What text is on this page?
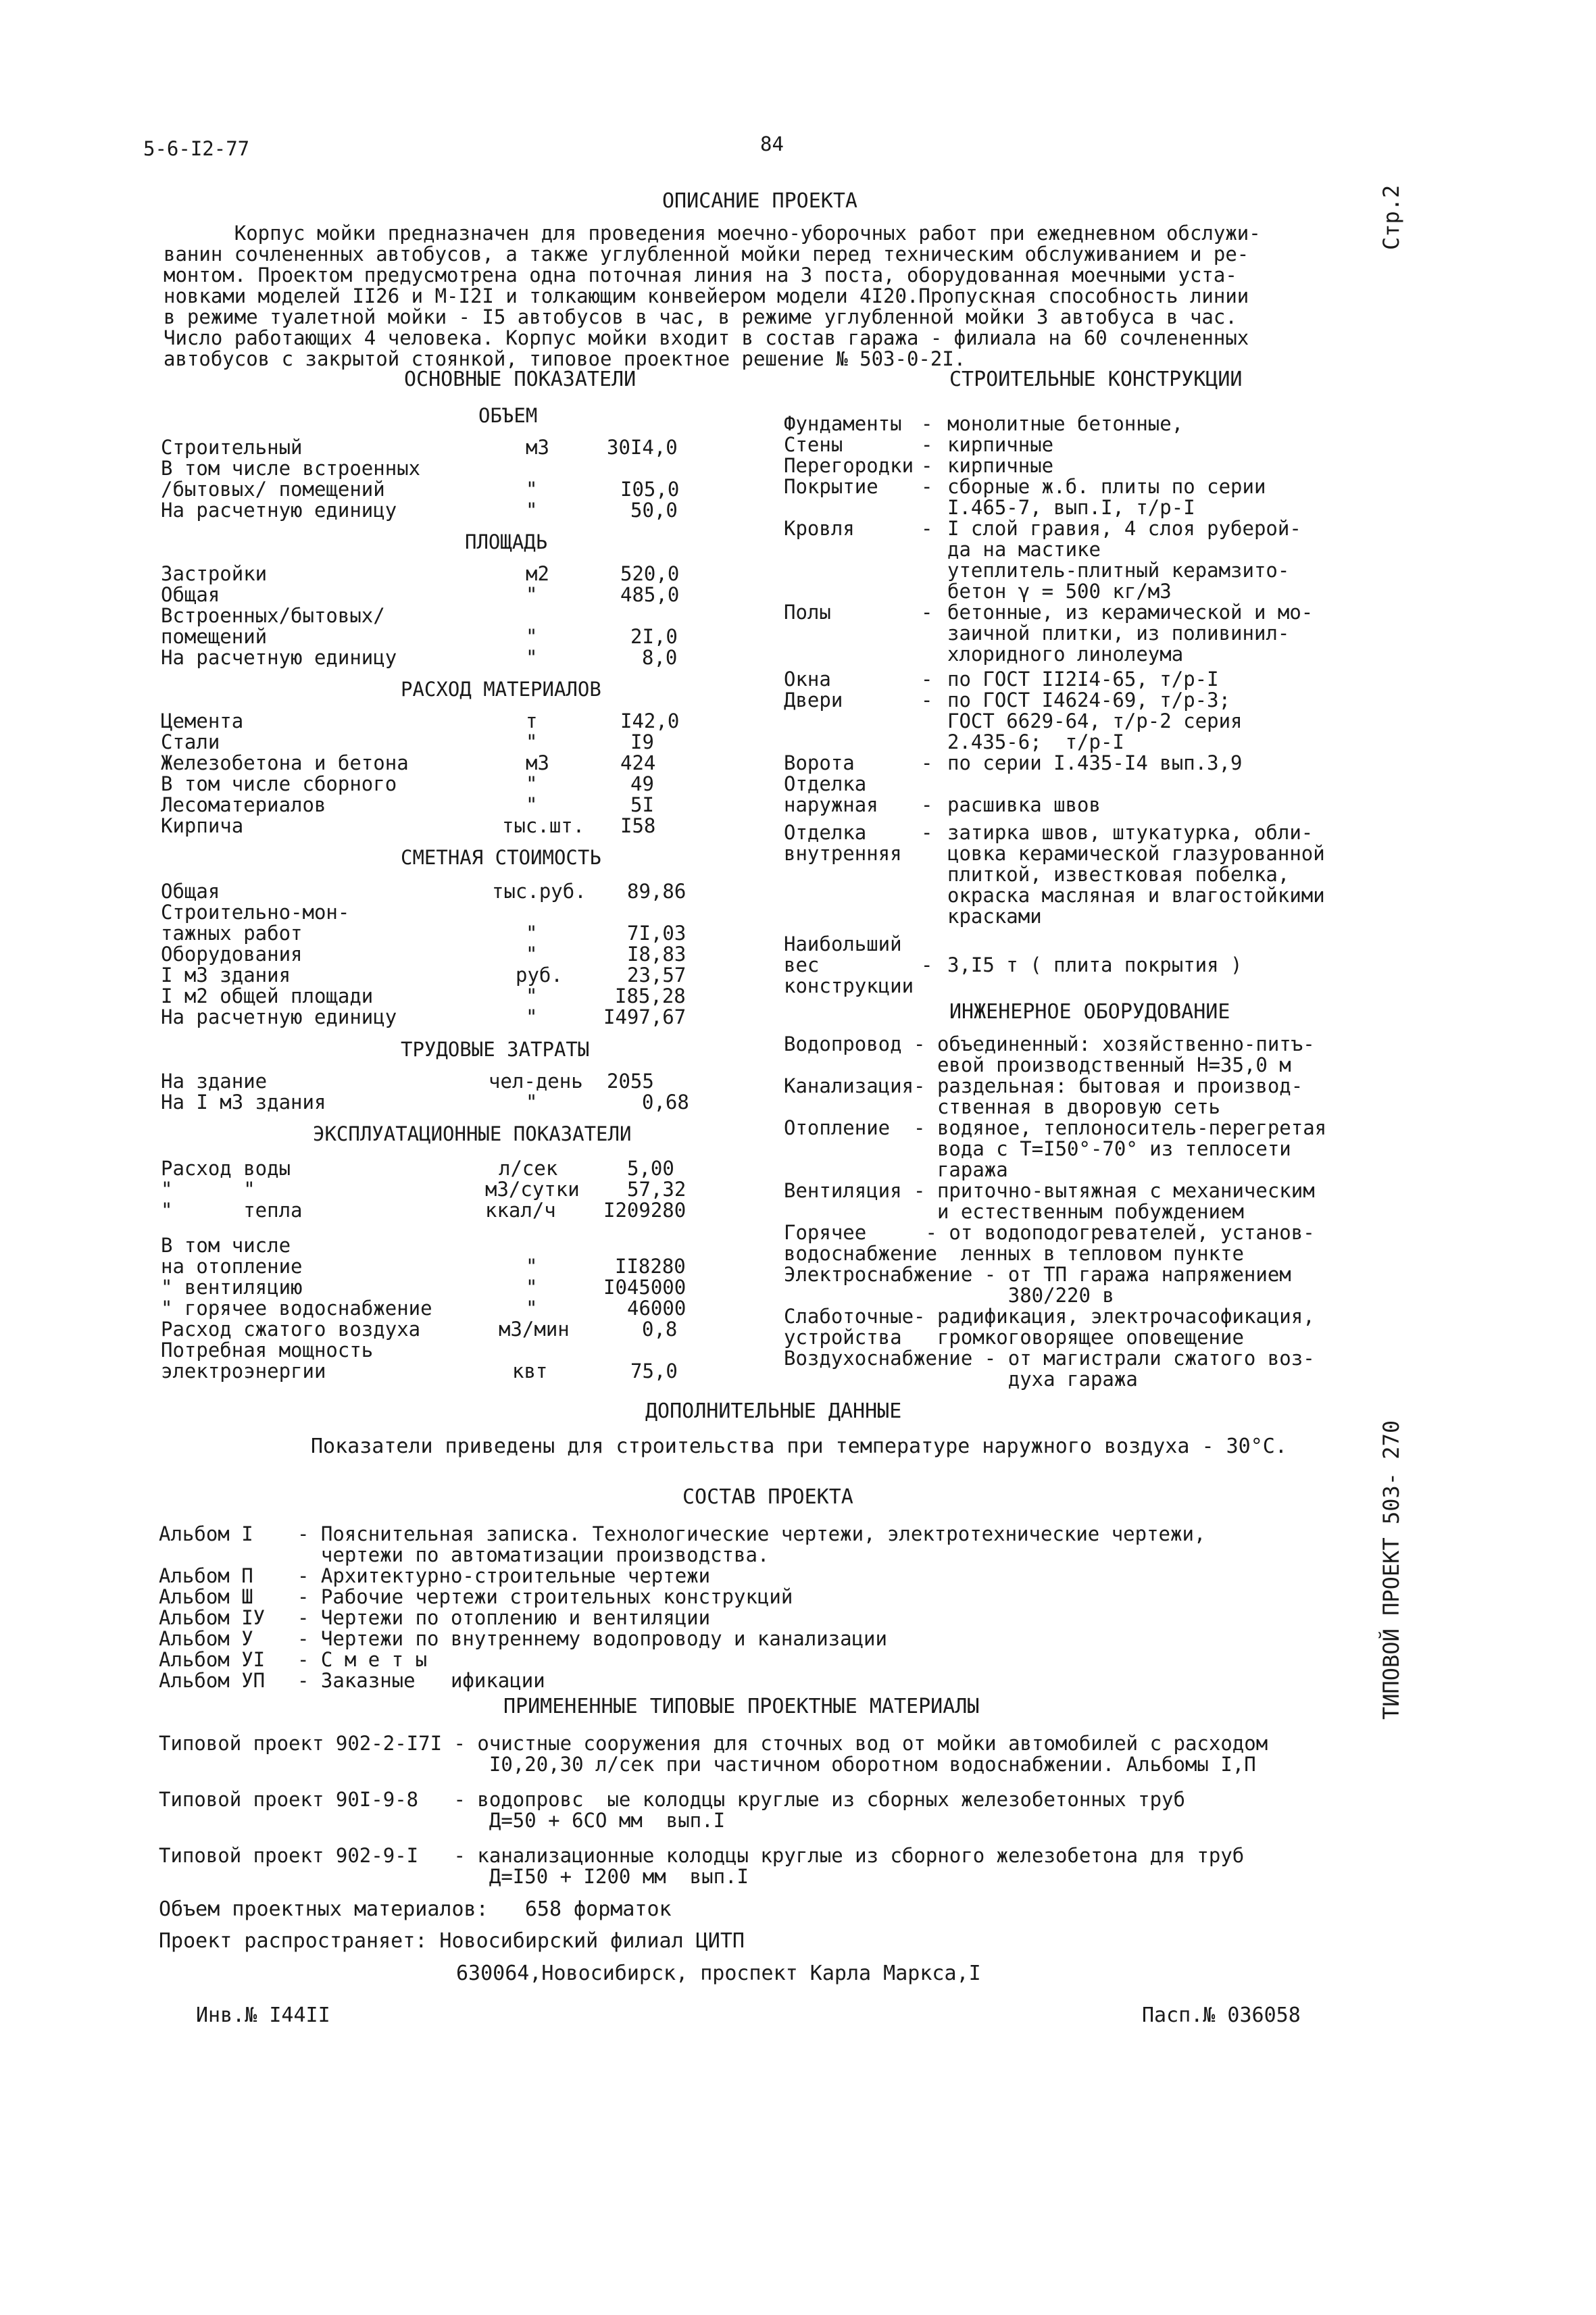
5-6-I2-77	84
Стр.2
ТИПОВОЙ ПРОЕКТ 503- 270
ОПИСАНИЕ ПРОЕКТА
Корпус мойки предназначен для проведения моечно-уборочных работ при ежедневном обслужи-
ванин сочлененных автобусов, а также углубленной мойки перед техническим обслуживанием и ре-
монтом. Проектом предусмотрена одна поточная линия на 3 поста, оборудованная моечными уста-
новками моделей II26 и М-I2I и толкающим конвейером модели 4I20.Пропускная способность линии
в режиме туалетной мойки - I5 автобусов в час, в режиме углубленной мойки 3 автобуса в час.
Число работающих 4 человека. Корпус мойки входит в состав гаража - филиала на 60 сочлененных
автобусов с закрытой стоянкой, типовое проектное решение № 503-0-2I.
ОСНОВНЫЕ ПОКАЗАТЕЛИ
ОБЪЕМ
Строительный	м3	30I4,0
В том числе встроенных
/бытовых/ помещений	"	I05,0
На расчетную единицу	"	50,0
ПЛОЩАДЬ
Застройки	м2	520,0
Общая	"	485,0
Встроенных/бытовых/
помещений	"	2I,0
На расчетную единицу	"	8,0
РАСХОД МАТЕРИАЛОВ
Цемента	т	I42,0
Стали	"	I9
Железобетона и бетона	м3	424
В том числе сборного	"	49
Лесоматериалов	"	5I
Кирпича	тыс.шт. I58
СМЕТНАЯ СТОИМОСТЬ
Общая	тыс.руб. 89,86
Строительно-мон-
тажных работ	"	7I,03
Оборудования	"	I8,83
I м3 здания	руб.	23,57
I м2 общей площади	"	I85,28
На расчетную единицу	"	I497,67
ТРУДОВЫЕ ЗАТРАТЫ
На здание	чел-день 2055
На I м3 здания	"	0,68
ЭКСПЛУАТАЦИОННЫЕ ПОКАЗАТЕЛИ
Расход воды	л/сек	5,00
"      "	м3/сутки 57,32
"      тепла	ккал/ч I209280
В том числе
на отопление	"	II8280
" вентиляцию	"	I045000
" горячее водоснабжение	"	46000
Расход сжатого воздуха	м3/мин	0,8
Потребная мощность
электроэнергии	квт	75,0
СТРОИТЕЛЬНЫЕ КОНСТРУКЦИИ
Фундаменты - монолитные бетонные,
Стены	- кирпичные
Перегородки - кирпичные
Покрытие - сборные ж.б. плиты по серии
I.465-7, вып.I, т/р-I
Кровля	- I слой гравия, 4 слоя руберой-
да на мастике
утеплитель-плитный керамзито-
бетон γ = 500 кг/м3
Полы	- бетонные, из керамической и мо-
заичной плитки, из поливинил-
хлоридного линолеума
Окна	- по ГОСТ II2I4-65, т/р-I
Двери	- по ГОСТ I4624-69, т/р-3;
ГОСТ 6629-64, т/р-2 серия
2.435-6;  т/р-I
Ворота	- по серии I.435-I4 вып.3,9
Отделка
наружная - расшивка швов
Отделка	- затирка швов, штукатурка, обли-
внутренняя цовка керамической глазурованной
плиткой, известковая побелка,
окраска масляная и влагостойкими
красками
Наибольший
вес	- 3,I5 т ( плита покрытия )
конструкции
ИНЖЕНЕРНОЕ ОБОРУДОВАНИЕ
Водопровод - объединенный: хозяйственно-питъ-
евой производственный Н=35,0 м
Канализация- раздельная: бытовая и производ-
ственная в дворовую сеть
Отопление  - водяное, теплоноситель-перегретая
вода с Т=I50°-70° из теплосети
гаража
Вентиляция - приточно-вытяжная с механическим
и естественным побуждением
Горячее     - от водоподогревателей, установ-
водоснабжение  ленных в тепловом пункте
Электроснабжение - от ТП гаража напряжением
380/220 в
Слаботочные- радификация, электрочасофикация,
устройства   громкоговорящее оповещение
Воздухоснабжение - от магистрали сжатого воз-
духа гаража
ДОПОЛНИТЕЛЬНЫЕ ДАННЫЕ
Показатели приведены для строительства при температуре наружного воздуха - 30°С.
СОСТАВ ПРОЕКТА
Альбом I - Пояснительная записка. Технологические чертежи, электротехнические чертежи,
чертежи по автоматизации производства.
Альбом П - Архитектурно-строительные чертежи
Альбом Ш - Рабочие чертежи строительных конструкций
Альбом IУ - Чертежи по отоплению и вентиляции
Альбом У - Чертежи по внутреннему водопроводу и канализации
Альбом УI - С м е т ы
Альбом УП - Заказные   ификации
ПРИМЕНЕННЫЕ ТИПОВЫЕ ПРОЕКТНЫЕ МАТЕРИАЛЫ
Типовой проект 902-2-I7I - очистные сооружения для сточных вод от мойки автомобилей с расходом
I0,20,30 л/сек при частичном оборотном водоснабжении. Альбомы I,П
Типовой проект 90I-9-8   - водопровс  ые колодцы круглые из сборных железобетонных труб
Д=50 + 6СО мм  вып.I
Типовой проект 902-9-I   - канализационные колодцы круглые из сборного железобетона для труб
Д=I50 + I200 мм  вып.I
Объем проектных материалов:   658 форматок
Проект распространяет: Новосибирский филиал ЦИТП
630064,Новосибирск, проспект Карла Маркса,I
Инв.№ I44II	Пасп.№ 036058
